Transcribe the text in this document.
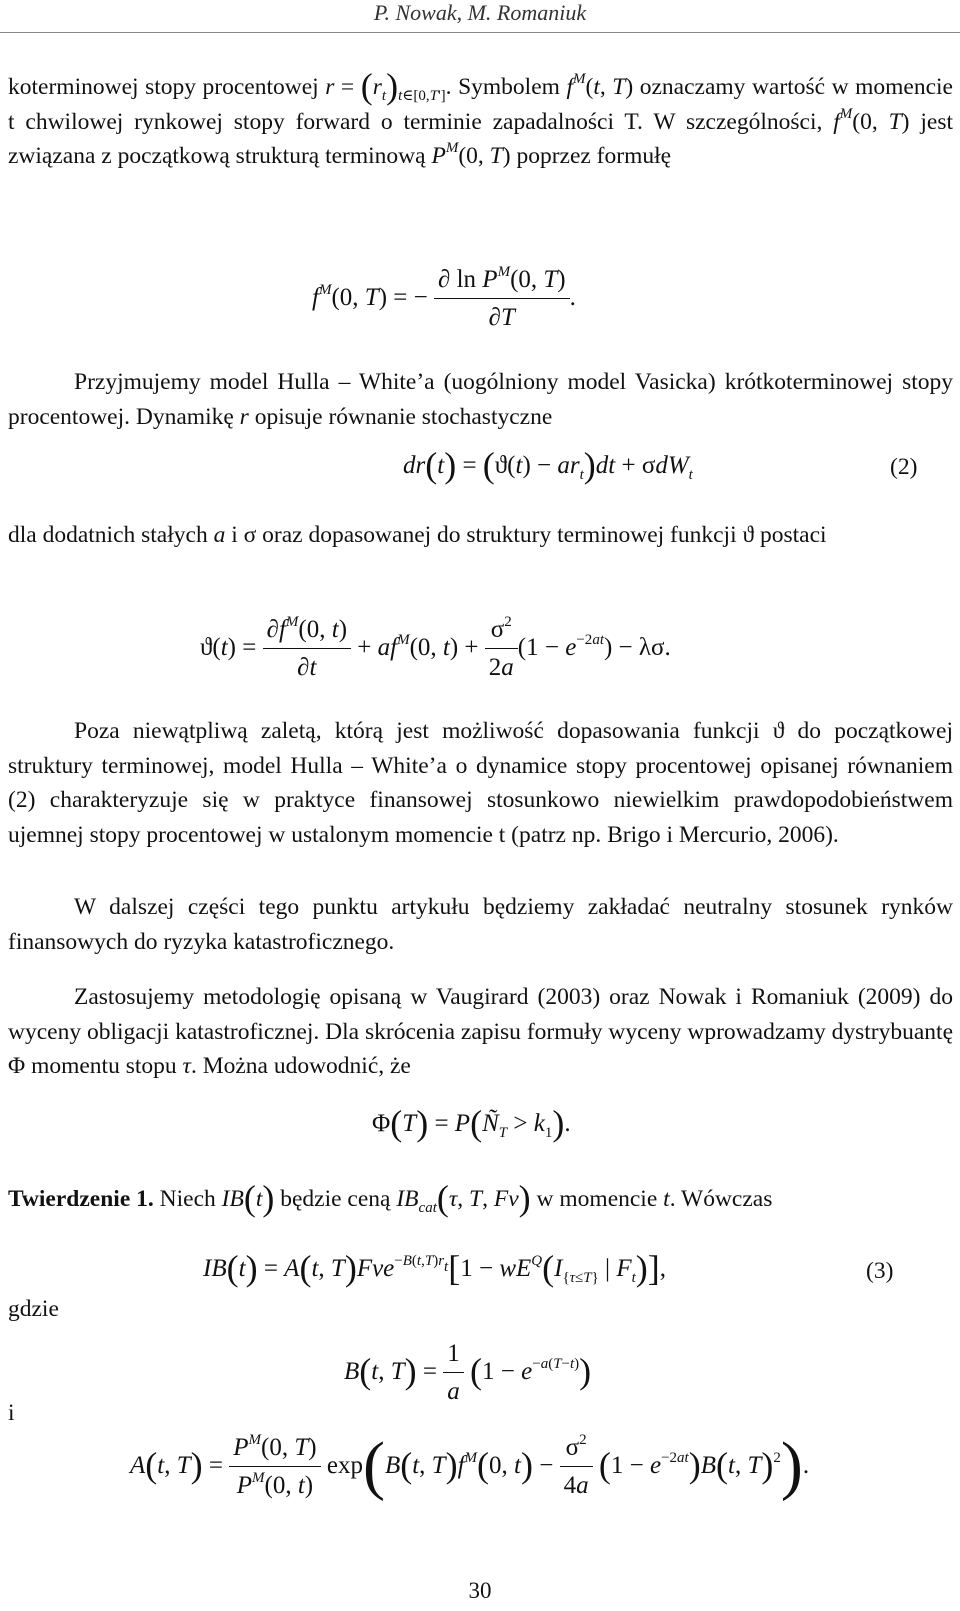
P. Nowak, M. Romaniuk
koterminowej stopy procentowej $r = (r_t)_{t\in[0,T']}$. Symbolem $f^M(t$, T) oznaczamy wartość w momencie t chwilowej rynkowej stopy forward o terminie zapadalności T. W szczególności, $f^M(0$, T) jest związana z początkową strukturą terminową $P^M(0$, T) poprzez formułę
$f^M(0$, T) = − $\frac{\partial \ln P^M(0, T)}{\partial T}$ .
Przyjmujemy model Hulla – White’a (uogólniony model Vasicka) krótkoterminowej stopy procentowej. Dynamikę r opisuje równanie stochastyczne
$dr(t) = (ϑ(t) - ar_t)dt + \sigma dW_t$	(2)
dla dodatnich stałych a i σ oraz dopasowanej do struktury terminowej funkcji ϑ postaci
$ϑ(t) = \frac{\partial f^M(0, t)}{\partial t} + af^M(0$, $t) + \frac{\sigma^2}{2a} (1 - e^{-2at}) - \lambda\sigma$.
Poza niewątpliwą zaletą, którą jest możliwość dopasowania funkcji ϑ do początkowej struktury terminowej, model Hulla – White’a o dynamice stopy procentowej opisanej równaniem (2) charakteryzuje się w praktyce finansowej stosunkowo niewielkim prawdopodobieństwem ujemnej stopy procentowej w ustalonym momencie t (patrz np. Brigo i Mercurio, 2006).
W dalszej części tego punktu artykułu będziemy zakładać neutralny stosunek rynków finansowych do ryzyka katastroficznego.
Zastosujemy metodologię opisaną w Vaugirard (2003) oraz Nowak i Romaniuk (2009) do wyceny obligacji katastroficznej. Dla skrócenia zapisu formuły wyceny wprowadzamy dystrybuantę Φ momentu stopu τ. Można udowodnić, że
$\Phi(T) = P(Ñ_T > k_1)$.
Twierdzenie 1. Niech IB(t) będzie ceną $IB_{cat}(\tau$, T, Fv) w momencie t. Wówczas
IB(t) = A(t, $T)Fve^{-B(t,T)r_t}[1 - wE^Q(I_{\{\tau\le T\}}$ | $F_t$)],	(3)
gdzie
B(t, $T) = \frac{1}{a} (1 - e^{-a(T-t)})$
i
A(t, $T) = \frac{P^M(0, T)}{P^M(0, t)} \exp(B(t$, $T)f^M(0$, $t) - \frac{\sigma^2}{4a} (1 - e^{-2at})B(t$, T)$^2$).
30
